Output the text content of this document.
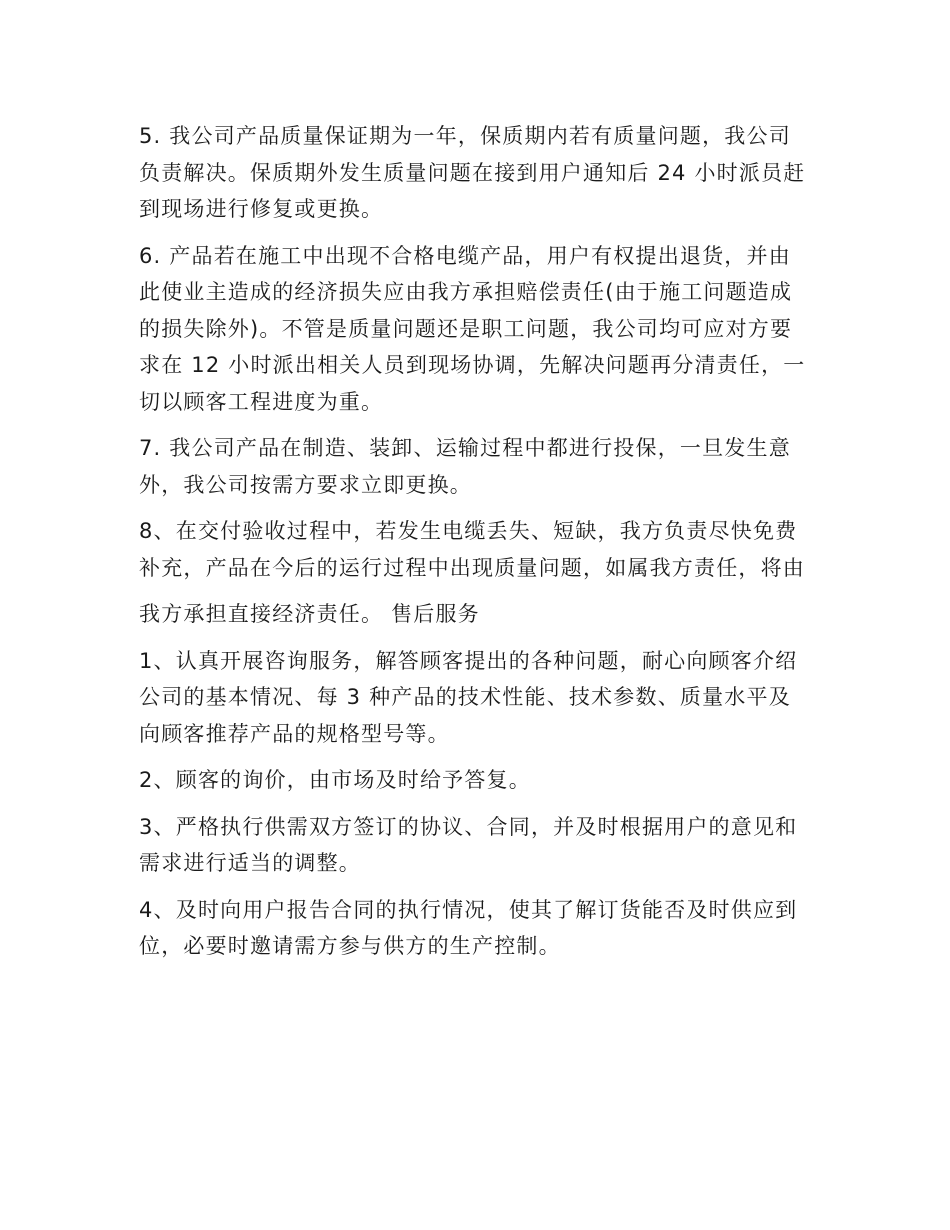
5. 我公司产品质量保证期为一年，保质期内若有质量问题，我公司负责解决。保质期外发生质量问题在接到用户通知后 24 小时派员赶到现场进行修复或更换。

6. 产品若在施工中出现不合格电缆产品，用户有权提出退货，并由此使业主造成的经济损失应由我方承担赔偿责任(由于施工问题造成的损失除外)。不管是质量问题还是职工问题，我公司均可应对方要求在 12 小时派出相关人员到现场协调，先解决问题再分清责任，一切以顾客工程进度为重。

7. 我公司产品在制造、装卸、运输过程中都进行投保，一旦发生意外，我公司按需方要求立即更换。

8、在交付验收过程中，若发生电缆丢失、短缺，我方负责尽快免费补充，产品在今后的运行过程中出现质量问题，如属我方责任，将由

我方承担直接经济责任。 售后服务

1、认真开展咨询服务，解答顾客提出的各种问题，耐心向顾客介绍公司的基本情况、每 3 种产品的技术性能、技术参数、质量水平及向顾客推荐产品的规格型号等。

2、顾客的询价，由市场及时给予答复。

3、严格执行供需双方签订的协议、合同，并及时根据用户的意见和需求进行适当的调整。

4、及时向用户报告合同的执行情况，使其了解订货能否及时供应到位，必要时邀请需方参与供方的生产控制。
